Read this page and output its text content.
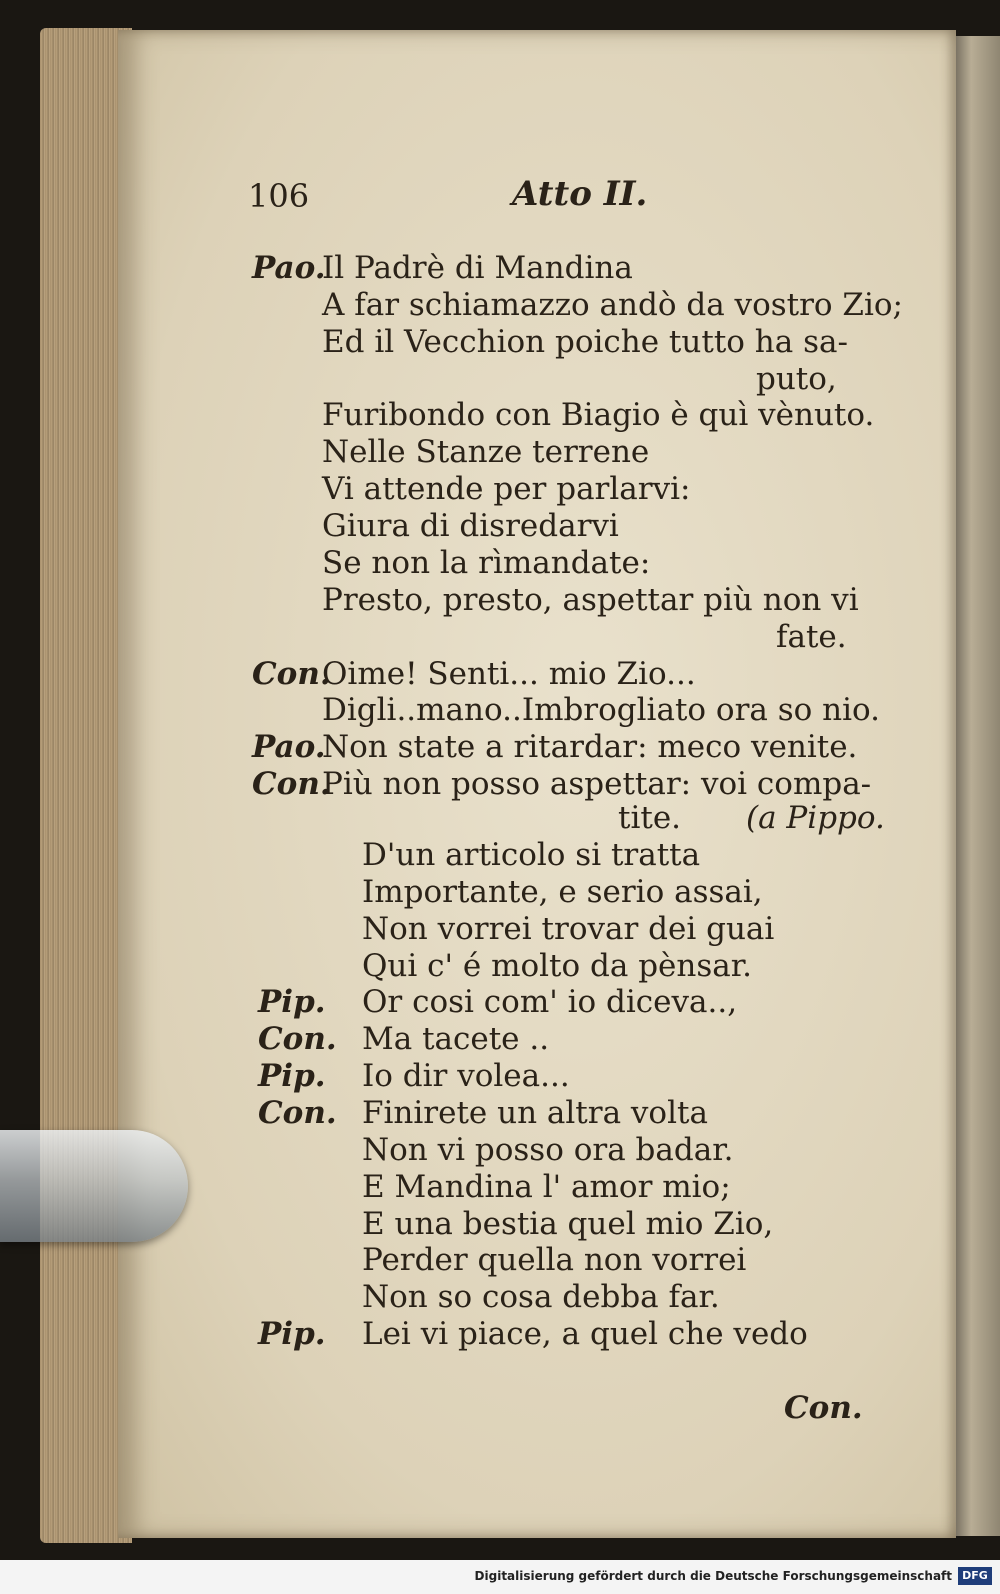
106	Atto II.
Pao.
Con.
Pao.
Con.
Pip.
Con.
Pip.
Con.
Pip.
Il Padrè di Mandina
A far schiamazzo andò da vostro Zio;
Ed il Vecchion poiche tutto ha sa-
puto,
Furibondo con Biagio è quì vènuto.
Nelle Stanze terrene
Vi attende per parlarvi:
Giura di disredarvi
Se non la rìmandate:
Presto, presto, aspettar più non vi
fate.
Oime! Senti... mio Zio...
Digli..mano..Imbrogliato ora so nio.
Non state a ritardar: meco venite.
Più non posso aspettar: voi compa-
tite. (a Pippo.
D'un articolo si tratta
Importante, e serio assai,
Non vorrei trovar dei guai
Qui c' é molto da pènsar.
Or cosi com' io diceva..,
Ma tacete ..
Io dir volea...
Finirete un altra volta
Non vi posso ora badar.
E Mandina l' amor mio;
E una bestia quel mio Zio,
Perder quella non vorrei
Non so cosa debba far.
Lei vi piace, a quel che vedo
Con.
Digitalisierung gefördert durch die Deutsche Forschungsgemeinschaft DFG
